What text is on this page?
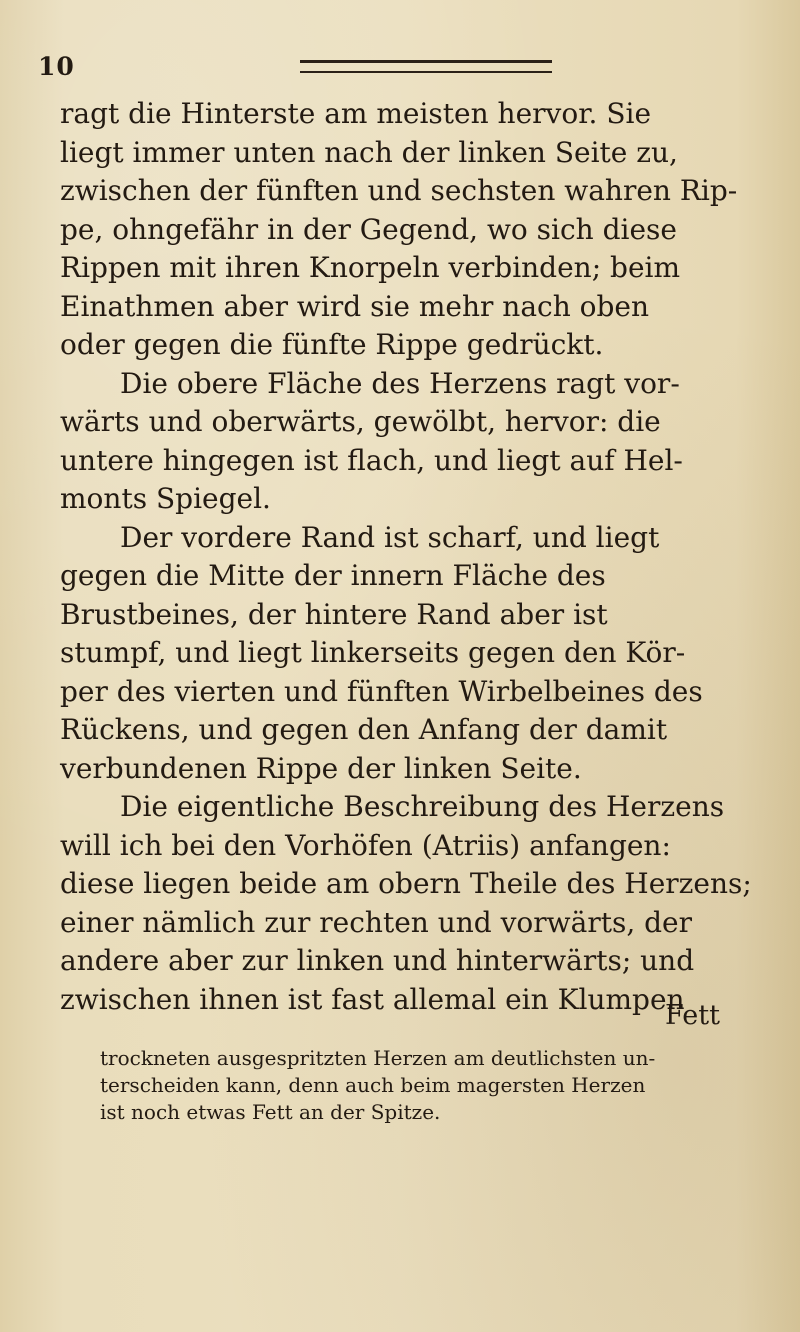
10

ragt die Hinterste am meisten hervor. Sie
liegt immer unten nach der linken Seite zu,
zwischen der fünften und sechsten wahren Rip-
pe, ohngefähr in der Gegend, wo sich diese
Rippen mit ihren Knorpeln verbinden; beim
Einathmen aber wird sie mehr nach oben
oder gegen die fünfte Rippe gedrückt.

Die obere Fläche des Herzens ragt vor-
wärts und oberwärts, gewölbt, hervor: die
untere hingegen ist flach, und liegt auf Hel-
monts Spiegel.

Der vordere Rand ist scharf, und liegt
gegen die Mitte der innern Fläche des
Brustbeines, der hintere Rand aber ist
stumpf, und liegt linkerseits gegen den Kör-
per des vierten und fünften Wirbelbeines des
Rückens, und gegen den Anfang der damit
verbundenen Rippe der linken Seite.

Die eigentliche Beschreibung des Herzens
will ich bei den Vorhöfen (Atriis) anfangen:
diese liegen beide am obern Theile des Herzens;
einer nämlich zur rechten und vorwärts, der
andere aber zur linken und hinterwärts; und
zwischen ihnen ist fast allemal ein Klumpen

Fett
trockneten ausgespritzten Herzen am deutlichsten un-
terscheiden kann, denn auch beim magersten Herzen
ist noch etwas Fett an der Spitze.
